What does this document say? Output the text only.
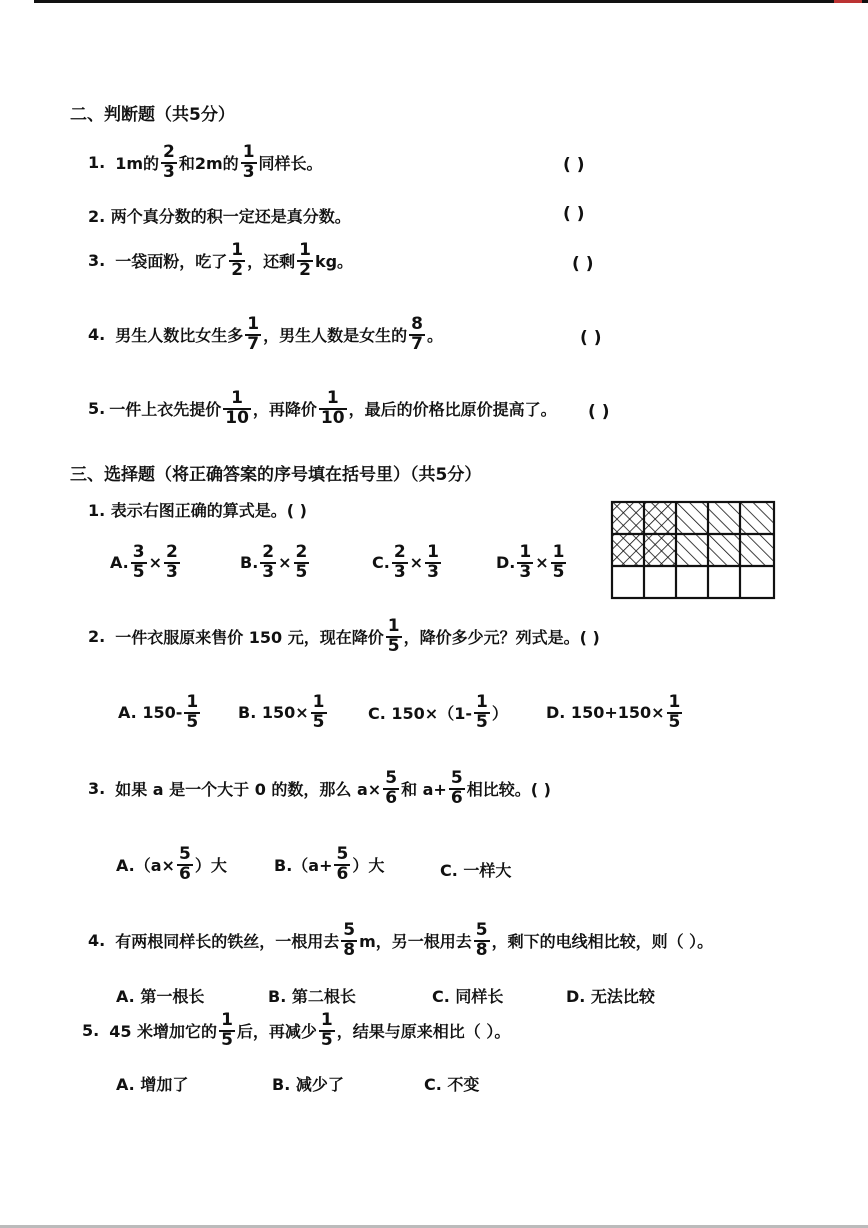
二、判断题（共5分）
1. 1m的 $\frac{2}{3}$ 和2m的 $\frac{1}{3}$ 同样长。	( )
2. 两个真分数的积一定还是真分数。	( )
3. 一袋面粉，吃了 $\frac{1}{2}$ ，还剩 $\frac{1}{2}$ kg。	( )
4. 男生人数比女生多 $\frac{1}{7}$ ，男生人数是女生的 $\frac{8}{7}$ 。	( )
5. 一件上衣先提价 $\frac{1}{10}$ ，再降价 $\frac{1}{10}$ ，最后的价格比原价提高了。 ( )
三、选择题（将正确答案的序号填在括号里）（共5分）
1. 表示右图正确的算式是。( )
A. $\frac{3}{5} \times \frac{2}{3}$	B. $\frac{2}{3} \times \frac{2}{5}$	C. $\frac{2}{3} \times \frac{1}{3}$	D. $\frac{1}{3} \times \frac{1}{5}$
2. 一件衣服原来售价 150 元，现在降价 $\frac{1}{5}$ ，降价多少元？列式是。( )
A. $150- \frac{1}{5} B$. $150\times \frac{1}{5}$	C. $150\times(1- \frac{1}{5}$ ） D. $150+150\times \frac{1}{5}$
3. 如果 a 是一个大于 0 的数，那么 $a\times \frac{5}{6}$ 和 $a+ \frac{5}{6}$ 相比较。( )
$A.(a\times \frac{5}{6}$ ）大	$B.(a+ \frac{5}{6}$ ）大	C. 一样大
4. 有两根同样长的铁丝，一根用去 $\frac{5}{8}$ m，另一根用去 $\frac{5}{8}$ ，剩下的电线相比较，则（ ）。
A. 第一根长	B. 第二根长	C. 同样长	D. 无法比较
5. 45 米增加它的 $\frac{1}{5}$ 后，再减少 $\frac{1}{5}$ ，结果与原来相比（ ）。
A. 增加了	B. 减少了	C. 不变
